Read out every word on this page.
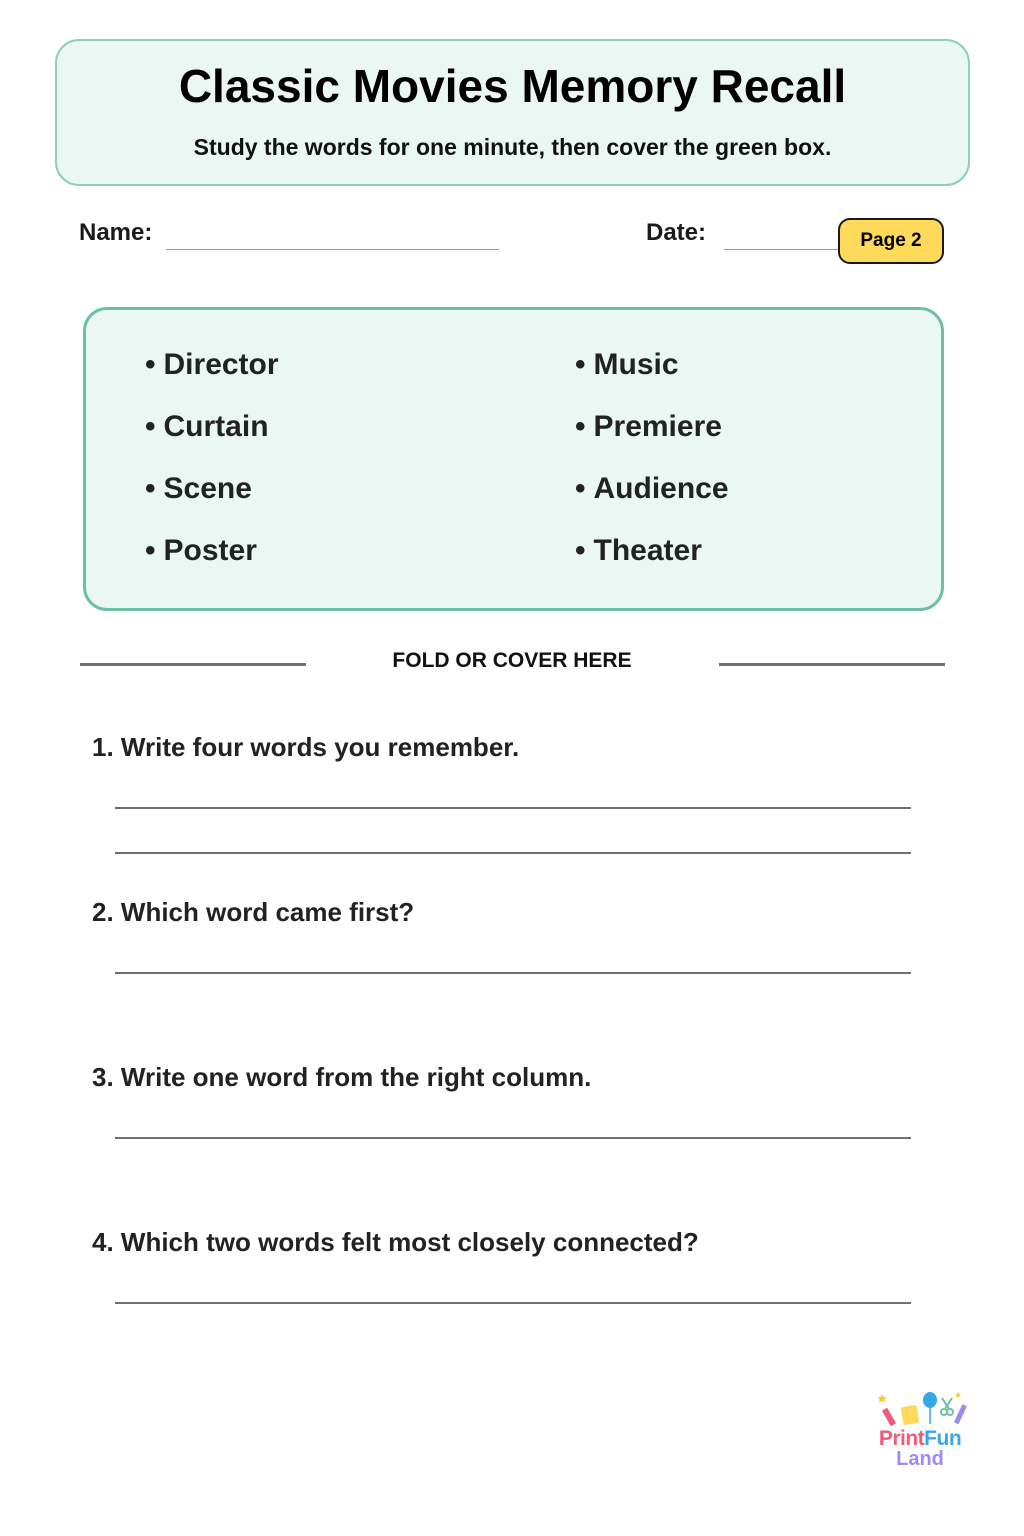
Classic Movies Memory Recall

Study the words for one minute, then cover the green box.

Name:	Date:	Page 2
• Director
• Curtain
• Scene
• Poster
• Music
• Premiere
• Audience
• Theater
FOLD OR COVER HERE
1. Write four words you remember.
2. Which word came first?
3. Write one word from the right column.
4. Which two words felt most closely connected?
PrintFun
Land
